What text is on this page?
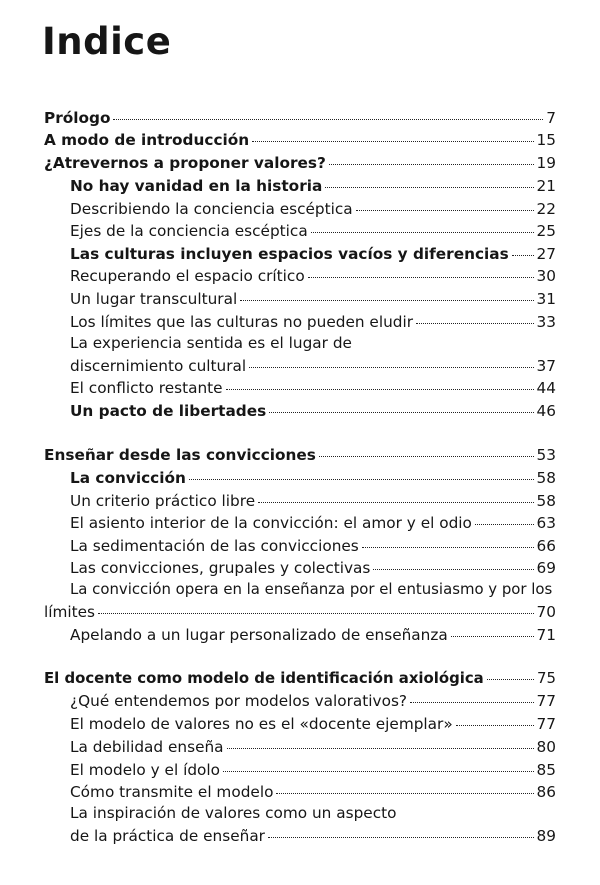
Indice
Prólogo	7
A modo de introducción	15
¿Atrevernos a proponer valores?	19
No hay vanidad en la historia	21
Describiendo la conciencia escéptica	22
Ejes de la conciencia escéptica	25
Las culturas incluyen espacios vacíos y diferencias 27
Recuperando el espacio crítico	30
Un lugar transcultural	31
Los límites que las culturas no pueden eludir	33
La experiencia sentida es el lugar de
discernimiento cultural	37
El conflicto restante	44
Un pacto de libertades	46
Enseñar desde las convicciones	53
La convicción	58
Un criterio práctico libre	58
El asiento interior de la convicción: el amor y el odio	63
La sedimentación de las convicciones	66
Las convicciones, grupales y colectivas	69
La convicción opera en la enseñanza por el entusiasmo y por los
límites	70
Apelando a un lugar personalizado de enseñanza	71
El docente como modelo de identificación axiológica	75
¿Qué entendemos por modelos valorativos?	77
El modelo de valores no es el «docente ejemplar»	77
La debilidad enseña	80
El modelo y el ídolo	85
Cómo transmite el modelo	86
La inspiración de valores como un aspecto
de la práctica de enseñar	89
